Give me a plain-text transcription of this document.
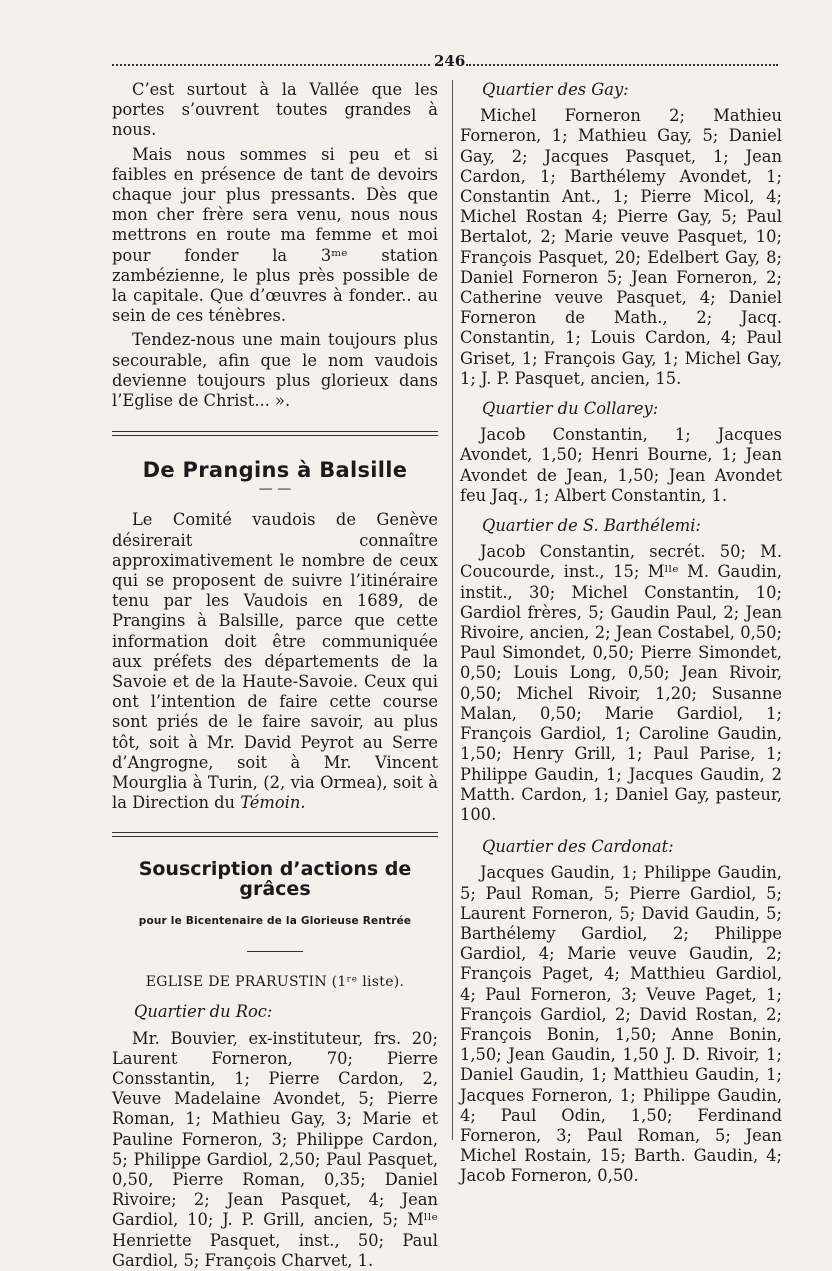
246

C’est surtout à la Vallée que les portes s’ouvrent toutes grandes à nous.

Mais nous sommes si peu et si faibles en présence de tant de devoirs chaque jour plus pressants. Dès que mon cher frère sera venu, nous nous mettrons en route ma femme et moi pour fonder la 3ᵐᵉ station zambézienne, le plus près possible de la capitale. Que d’œuvres à fonder.. au sein de ces ténèbres.

Tendez-nous une main toujours plus secourable, afin que le nom vaudois devienne toujours plus glorieux dans l’Eglise de Christ... ».

De Prangins à Balsille
— —

Le Comité vaudois de Genève désirerait connaître approximativement le nombre de ceux qui se proposent de suivre l’itinéraire tenu par les Vaudois en 1689, de Prangins à Balsille, parce que cette information doit être communiquée aux préfets des départements de la Savoie et de la Haute-Savoie. Ceux qui ont l’intention de faire cette course sont priés de le faire savoir, au plus tôt, soit à Mr. David Peyrot au Serre d’Angrogne, soit à Mr. Vincent Mourglia à Turin, (2, via Ormea), soit à la Direction du Témoin.

Souscription d’actions de grâces
pour le Bicentenaire de la Glorieuse Rentrée
EGLISE DE PRARUSTIN (1ʳᵉ liste).
Quartier du Roc:

Mr. Bouvier, ex-instituteur, frs. 20; Laurent Forneron, 70; Pierre Consstantin, 1; Pierre Cardon, 2, Veuve Madelaine Avondet, 5; Pierre Roman, 1; Mathieu Gay, 3; Marie et Pauline Forneron, 3; Philippe Cardon, 5; Philippe Gardiol, 2,50; Paul Pasquet, 0,50, Pierre Roman, 0,35; Daniel Rivoire; 2; Jean Pasquet, 4; Jean Gardiol, 10; J. P. Grill, ancien, 5; Mˡˡᵉ Henriette Pasquet, inst., 50; Paul Gardiol, 5; François Charvet, 1.

Quartier des Gay:

Michel Forneron 2; Mathieu Forneron, 1; Mathieu Gay, 5; Daniel Gay, 2; Jacques Pasquet, 1; Jean Cardon, 1; Barthélemy Avondet, 1; Constantin Ant., 1; Pierre Micol, 4; Michel Rostan 4; Pierre Gay, 5; Paul Bertalot, 2; Marie veuve Pasquet, 10; François Pasquet, 20; Edelbert Gay, 8; Daniel Forneron 5; Jean Forneron, 2; Catherine veuve Pasquet, 4; Daniel Forneron de Math., 2; Jacq. Constantin, 1; Louis Cardon, 4; Paul Griset, 1; François Gay, 1; Michel Gay, 1; J. P. Pasquet, ancien, 15.

Quartier du Collarey:

Jacob Constantin, 1; Jacques Avondet, 1,50; Henri Bourne, 1; Jean Avondet de Jean, 1,50; Jean Avondet feu Jaq., 1; Albert Constantin, 1.

Quartier de S. Barthélemi:

Jacob Constantin, secrét. 50; M. Coucourde, inst., 15; Mˡˡᵉ M. Gaudin, instit., 30; Michel Constantin, 10; Gardiol frères, 5; Gaudin Paul, 2; Jean Rivoire, ancien, 2; Jean Costabel, 0,50; Paul Simondet, 0,50; Pierre Simondet, 0,50; Louis Long, 0,50; Jean Rivoir, 0,50; Michel Rivoir, 1,20; Susanne Malan, 0,50; Marie Gardiol, 1; François Gardiol, 1; Caroline Gaudin, 1,50; Henry Grill, 1; Paul Parise, 1; Philippe Gaudin, 1; Jacques Gaudin, 2 Matth. Cardon, 1; Daniel Gay, pasteur, 100.

Quartier des Cardonat:

Jacques Gaudin, 1; Philippe Gaudin, 5; Paul Roman, 5; Pierre Gardiol, 5; Laurent Forneron, 5; David Gaudin, 5; Barthélemy Gardiol, 2; Philippe Gardiol, 4; Marie veuve Gaudin, 2; François Paget, 4; Matthieu Gardiol, 4; Paul Forneron, 3; Veuve Paget, 1; François Gardiol, 2; David Rostan, 2; François Bonin, 1,50; Anne Bonin, 1,50; Jean Gaudin, 1,50 J. D. Rivoir, 1; Daniel Gaudin, 1; Matthieu Gaudin, 1; Jacques Forneron, 1; Philippe Gaudin, 4; Paul Odin, 1,50; Ferdinand Forneron, 3; Paul Roman, 5; Jean Michel Rostain, 15; Barth. Gaudin, 4; Jacob Forneron, 0,50.
